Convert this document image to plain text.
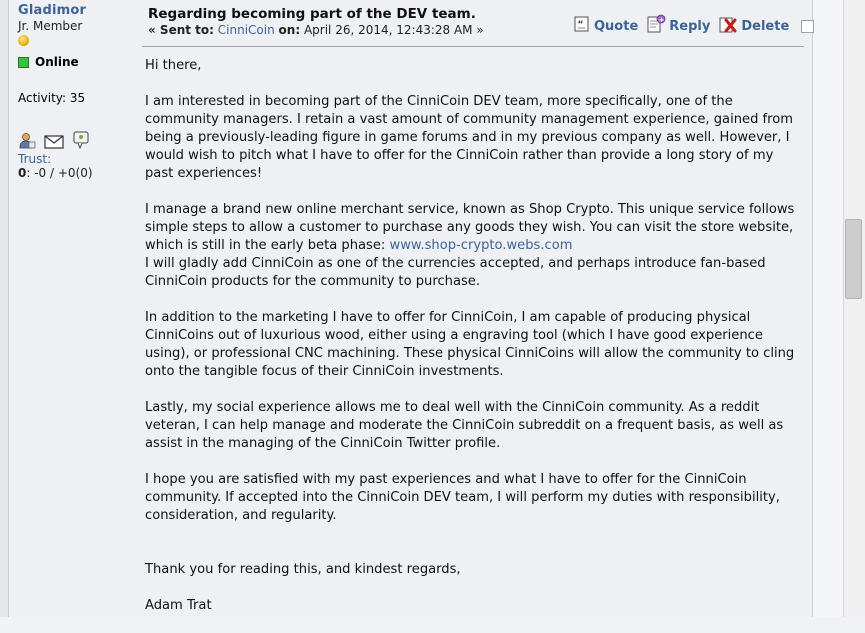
Gladimor
Jr. Member
Online
Activity: 35
Trust:
0: -0 / +0(0)
Regarding becoming part of the DEV team.
« Sent to: CinniCoin on: April 26, 2014, 12:43:28 AM »	“ Quote	+ Reply Delete

Hi there,

I am interested in becoming part of the CinniCoin DEV team, more specifically, one of the community managers. I retain a vast amount of community management experience, gained from being a previously-leading figure in game forums and in my previous company as well. However, I would wish to pitch what I have to offer for the CinniCoin rather than provide a long story of my past experiences!

I manage a brand new online merchant service, known as Shop Crypto. This unique service follows simple steps to allow a customer to purchase any goods they wish. You can visit the store website, which is still in the early beta phase: www.shop-crypto.webs.com
I will gladly add CinniCoin as one of the currencies accepted, and perhaps introduce fan-based CinniCoin products for the community to purchase.

In addition to the marketing I have to offer for CinniCoin, I am capable of producing physical CinniCoins out of luxurious wood, either using a engraving tool (which I have good experience using), or professional CNC machining. These physical CinniCoins will allow the community to cling onto the tangible focus of their CinniCoin investments.

Lastly, my social experience allows me to deal well with the CinniCoin community. As a reddit veteran, I can help manage and moderate the CinniCoin subreddit on a frequent basis, as well as assist in the managing of the CinniCoin Twitter profile.

I hope you are satisfied with my past experiences and what I have to offer for the CinniCoin community. If accepted into the CinniCoin DEV team, I will perform my duties with responsibility, consideration, and regularity.

Thank you for reading this, and kindest regards,

Adam Trat
